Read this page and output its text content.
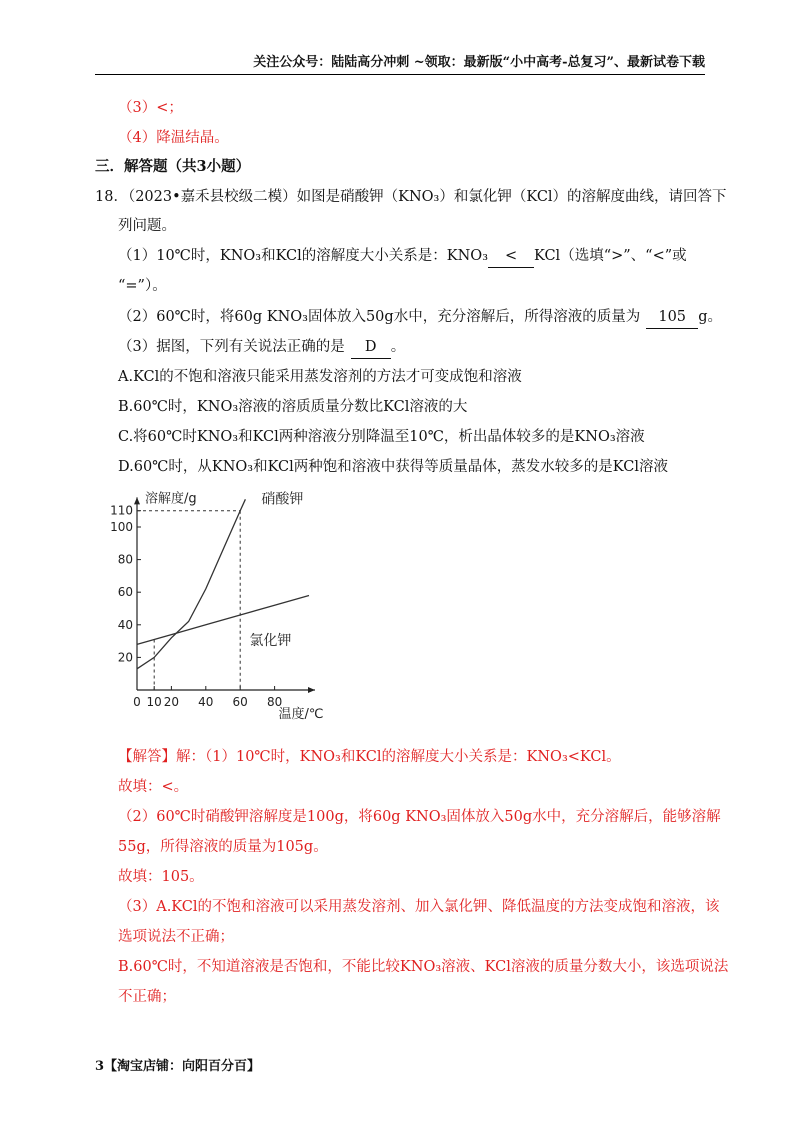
关注公众号：陆陆高分冲刺 ~领取：最新版“小中高考-总复习”、最新试卷下载
（3）<；
（4）降温结晶。
三．解答题（共3小题）
18．（2023•嘉禾县校级二模）如图是硝酸钾（KNO₃）和氯化钾（KCl）的溶解度曲线，请回答下
列问题。
（1）10℃时，KNO₃和KCl的溶解度大小关系是：KNO₃ < KCl（选填“>”、“<”或
“=”）。
（2）60℃时，将60g KNO₃固体放入50g水中，充分溶解后，所得溶液的质量为 105 g。
（3）据图，下列有关说法正确的是 D 。
A.KCl的不饱和溶液只能采用蒸发溶剂的方法才可变成饱和溶液
B.60℃时，KNO₃溶液的溶质质量分数比KCl溶液的大
C.将60℃时KNO₃和KCl两种溶液分别降温至10℃，析出晶体较多的是KNO₃溶液
D.60℃时，从KNO₃和KCl两种饱和溶液中获得等质量晶体，蒸发水较多的是KCl溶液
20
40
60
80
100
110
0 10 20 40 60 80
硝酸钾
氯化钾
溶解度/g
温度/℃
【解答】解：（1）10℃时，KNO₃和KCl的溶解度大小关系是：KNO₃<KCl。
故填：<。
（2）60℃时硝酸钾溶解度是100g，将60g KNO₃固体放入50g水中，充分溶解后，能够溶解
55g，所得溶液的质量为105g。
故填：105。
（3）A.KCl的不饱和溶液可以采用蒸发溶剂、加入氯化钾、降低温度的方法变成饱和溶液，该
选项说法不正确；
B.60℃时，不知道溶液是否饱和，不能比较KNO₃溶液、KCl溶液的质量分数大小，该选项说法
不正确；
3【淘宝店铺：向阳百分百】
